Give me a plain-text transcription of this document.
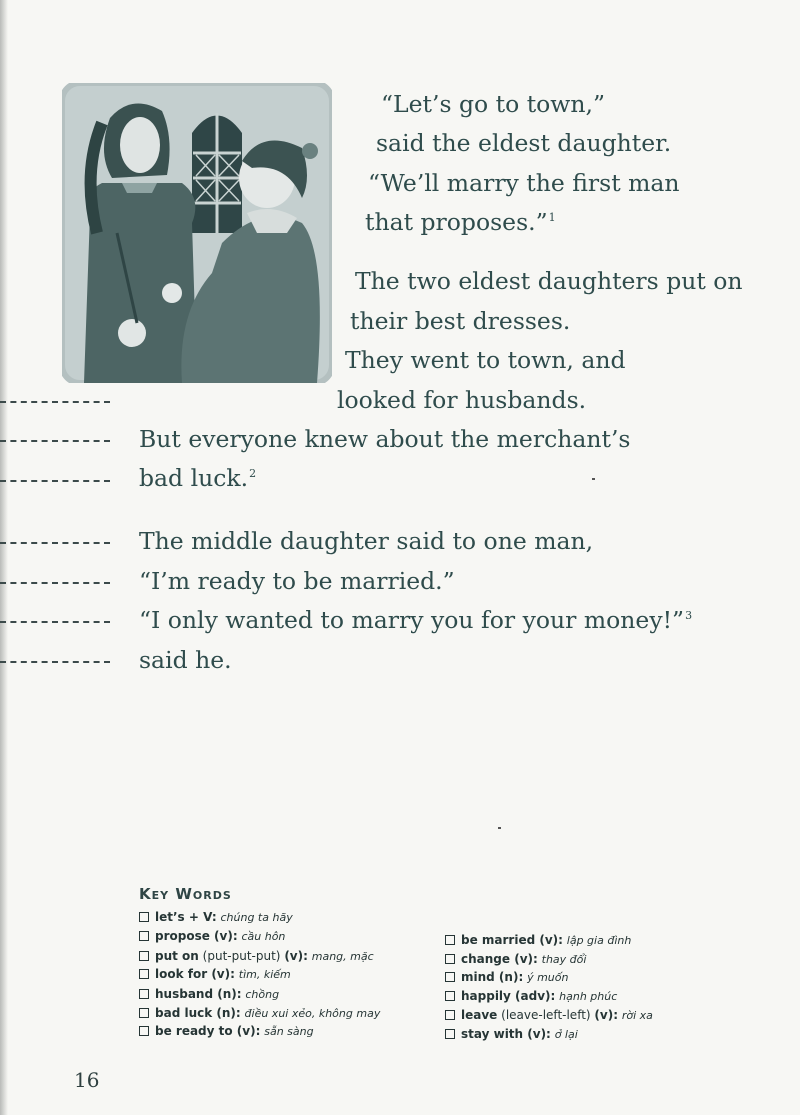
“Let’s go to town,”
said the eldest daughter.
“We’ll marry the first man
that proposes.”$^1$
The two eldest daughters put on
their best dresses.
They went to town, and
looked for husbands.
But everyone knew about the merchant’s
bad luck.$^2$
The middle daughter said to one man,
“I’m ready to be married.”
“I only wanted to marry you for your money!”$^3$
said he.
Key Words
let’s + V: chúng ta hãy
propose (v): cầu hôn
put on (put-put-put) (v): mang, mặc
look for (v): tìm, kiếm
husband (n): chồng
bad luck (n): điều xui xẻo, không may
be ready to (v): sẵn sàng
be married (v): lập gia đình
change (v): thay đổi
mind (n): ý muốn
happily (adv): hạnh phúc
leave (leave-left-left) (v): rời xa
stay with (v): ở lại
16
